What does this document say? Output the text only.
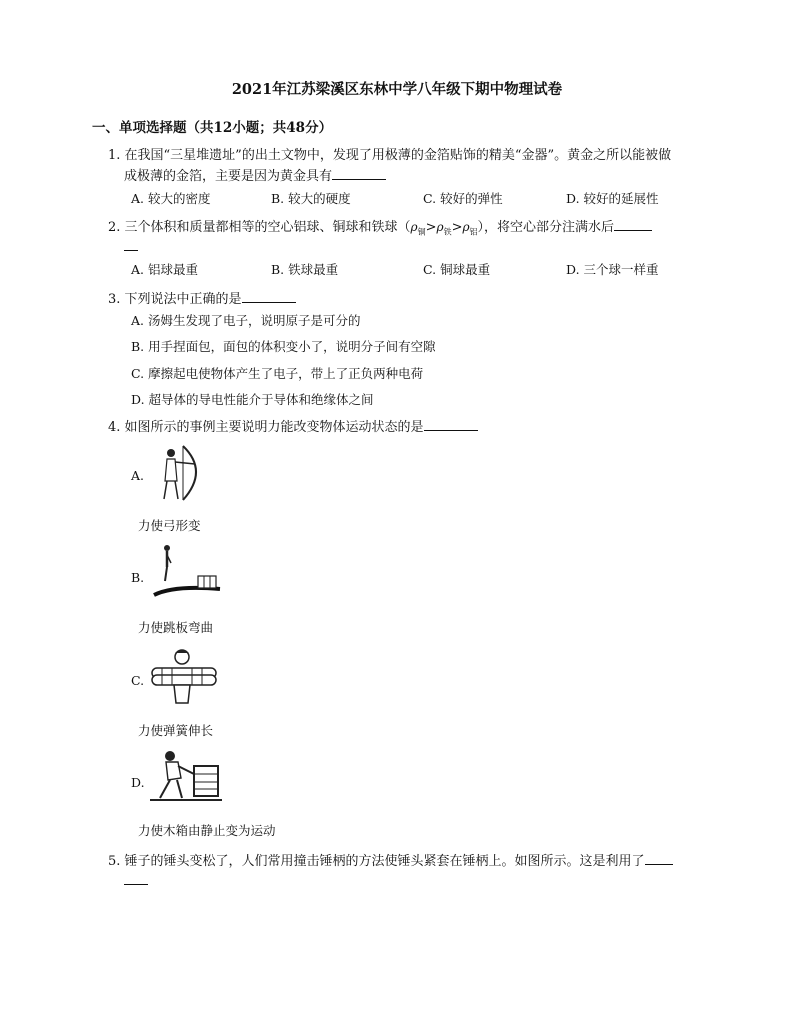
2021年江苏梁溪区东林中学八年级下期中物理试卷
一、单项选择题（共12小题；共48分）
1. 在我国“三星堆遗址”的出土文物中，发现了用极薄的金箔贴饰的精美“金器”。黄金之所以能被做
成极薄的金箔，主要是因为黄金具有
A. 较大的密度	B. 较大的硬度	C. 较好的弹性	D. 较好的延展性
2. 三个体积和质量都相等的空心铝球、铜球和铁球$(\rho_铜>\rho_铁>\rho_铝)$，将空心部分注满水后
A. 铝球最重	B. 铁球最重	C. 铜球最重	D. 三个球一样重
3. 下列说法中正确的是
A. 汤姆生发现了电子，说明原子是可分的
B. 用手捏面包，面包的体积变小了，说明分子间有空隙
C. 摩擦起电使物体产生了电子，带上了正负两种电荷
D. 超导体的导电性能介于导体和绝缘体之间
4. 如图所示的事例主要说明力能改变物体运动状态的是
A.
力使弓形变
B.
力使跳板弯曲
C.
力使弹簧伸长
D.
力使木箱由静止变为运动
5. 锤子的锤头变松了，人们常用撞击锤柄的方法使锤头紧套在锤柄上。如图所示。这是利用了
